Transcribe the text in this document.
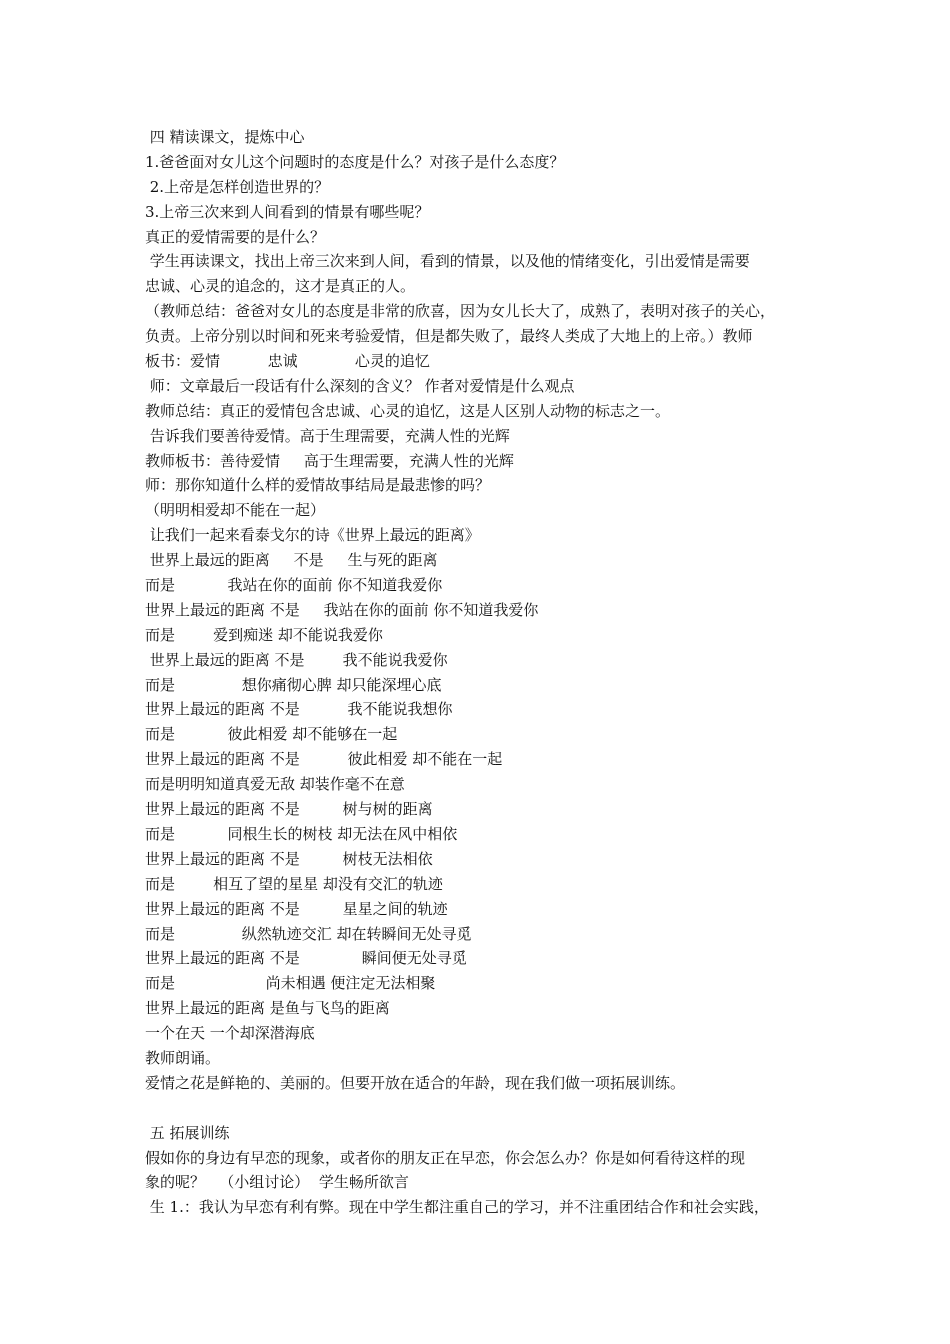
四 精读课文，提炼中心
1.爸爸面对女儿这个问题时的态度是什么？对孩子是什么态度？
2.上帝是怎样创造世界的？
3.上帝三次来到人间看到的情景有哪些呢？
真正的爱情需要的是什么？
学生再读课文，找出上帝三次来到人间，看到的情景，以及他的情绪变化，引出爱情是需要
忠诚、心灵的追念的，这才是真正的人。
（教师总结：爸爸对女儿的态度是非常的欣喜，因为女儿长大了，成熟了，表明对孩子的关心，
负责。上帝分别以时间和死来考验爱情，但是都失败了，最终人类成了大地上的上帝。）教师
板书：爱情          忠诚            心灵的追忆
师：文章最后一段话有什么深刻的含义？ 作者对爱情是什么观点
教师总结：真正的爱情包含忠诚、心灵的追忆，这是人区别人动物的标志之一。
告诉我们要善待爱情。高于生理需要，充满人性的光辉
教师板书：善待爱情     高于生理需要，充满人性的光辉
师：那你知道什么样的爱情故事结局是最悲惨的吗？
（明明相爱却不能在一起）
让我们一起来看泰戈尔的诗《世界上最远的距离》
世界上最远的距离     不是     生与死的距离
而是           我站在你的面前 你不知道我爱你
世界上最远的距离 不是     我站在你的面前 你不知道我爱你
而是        爱到痴迷 却不能说我爱你
世界上最远的距离 不是        我不能说我爱你
而是              想你痛彻心脾 却只能深埋心底
世界上最远的距离 不是          我不能说我想你
而是           彼此相爱 却不能够在一起
世界上最远的距离 不是          彼此相爱 却不能在一起
而是明明知道真爱无敌 却装作毫不在意
世界上最远的距离 不是         树与树的距离
而是           同根生长的树枝 却无法在风中相依
世界上最远的距离 不是         树枝无法相依
而是        相互了望的星星 却没有交汇的轨迹
世界上最远的距离 不是         星星之间的轨迹
而是              纵然轨迹交汇 却在转瞬间无处寻觅
世界上最远的距离 不是             瞬间便无处寻觅
而是                   尚未相遇 便注定无法相聚
世界上最远的距离 是鱼与飞鸟的距离
一个在天 一个却深潜海底
教师朗诵。
爱情之花是鲜艳的、美丽的。但要开放在适合的年龄，现在我们做一项拓展训练。
五 拓展训练
假如你的身边有早恋的现象，或者你的朋友正在早恋，你会怎么办？你是如何看待这样的现
象的呢？   （小组讨论）  学生畅所欲言
生 1.：我认为早恋有利有弊。现在中学生都注重自己的学习，并不注重团结合作和社会实践，
